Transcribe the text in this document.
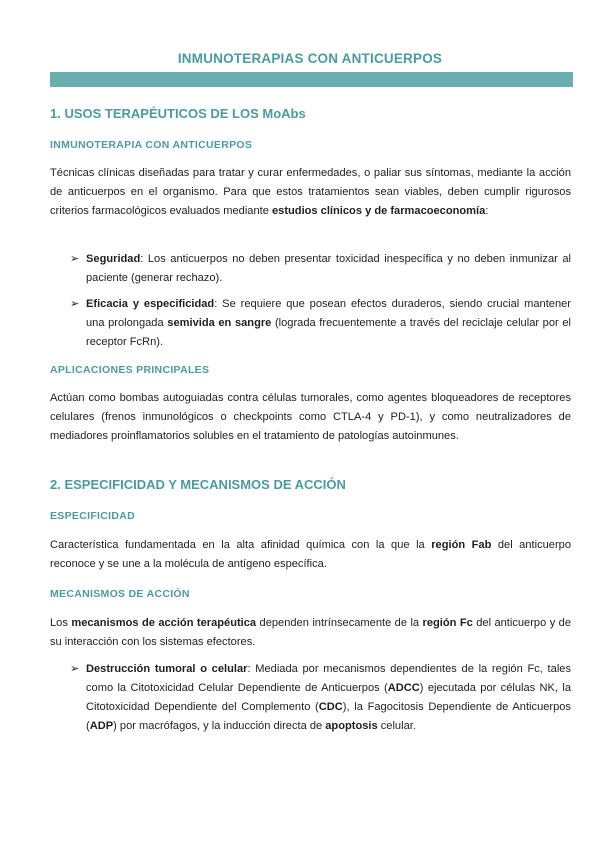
INMUNOTERAPIAS CON ANTICUERPOS
1. USOS TERAPÉUTICOS DE LOS MoAbs
INMUNOTERAPIA CON ANTICUERPOS
Técnicas clínicas diseñadas para tratar y curar enfermedades, o paliar sus síntomas, mediante la acción de anticuerpos en el organismo. Para que estos tratamientos sean viables, deben cumplir rigurosos criterios farmacológicos evaluados mediante estudios clínicos y de farmacoeconomía:
➢ Seguridad: Los anticuerpos no deben presentar toxicidad inespecífica y no deben inmunizar al paciente (generar rechazo).
➢ Eficacia y especificidad: Se requiere que posean efectos duraderos, siendo crucial mantener una prolongada semivida en sangre (lograda frecuentemente a través del reciclaje celular por el receptor FcRn).
APLICACIONES PRINCIPALES
Actúan como bombas autoguiadas contra células tumorales, como agentes bloqueadores de receptores celulares (frenos inmunológicos o checkpoints como CTLA-4 y PD-1), y como neutralizadores de mediadores proinflamatorios solubles en el tratamiento de patologías autoinmunes.
2. ESPECIFICIDAD Y MECANISMOS DE ACCIÓN
ESPECIFICIDAD
Característica fundamentada en la alta afinidad química con la que la región Fab del anticuerpo reconoce y se une a la molécula de antígeno específica.
MECANISMOS DE ACCIÓN
Los mecanismos de acción terapéutica dependen intrínsecamente de la región Fc del anticuerpo y de su interacción con los sistemas efectores.
➢ Destrucción tumoral o celular: Mediada por mecanismos dependientes de la región Fc, tales como la Citotoxicidad Celular Dependiente de Anticuerpos (ADCC) ejecutada por células NK, la Citotoxicidad Dependiente del Complemento (CDC), la Fagocitosis Dependiente de Anticuerpos (ADP) por macrófagos, y la inducción directa de apoptosis celular.
